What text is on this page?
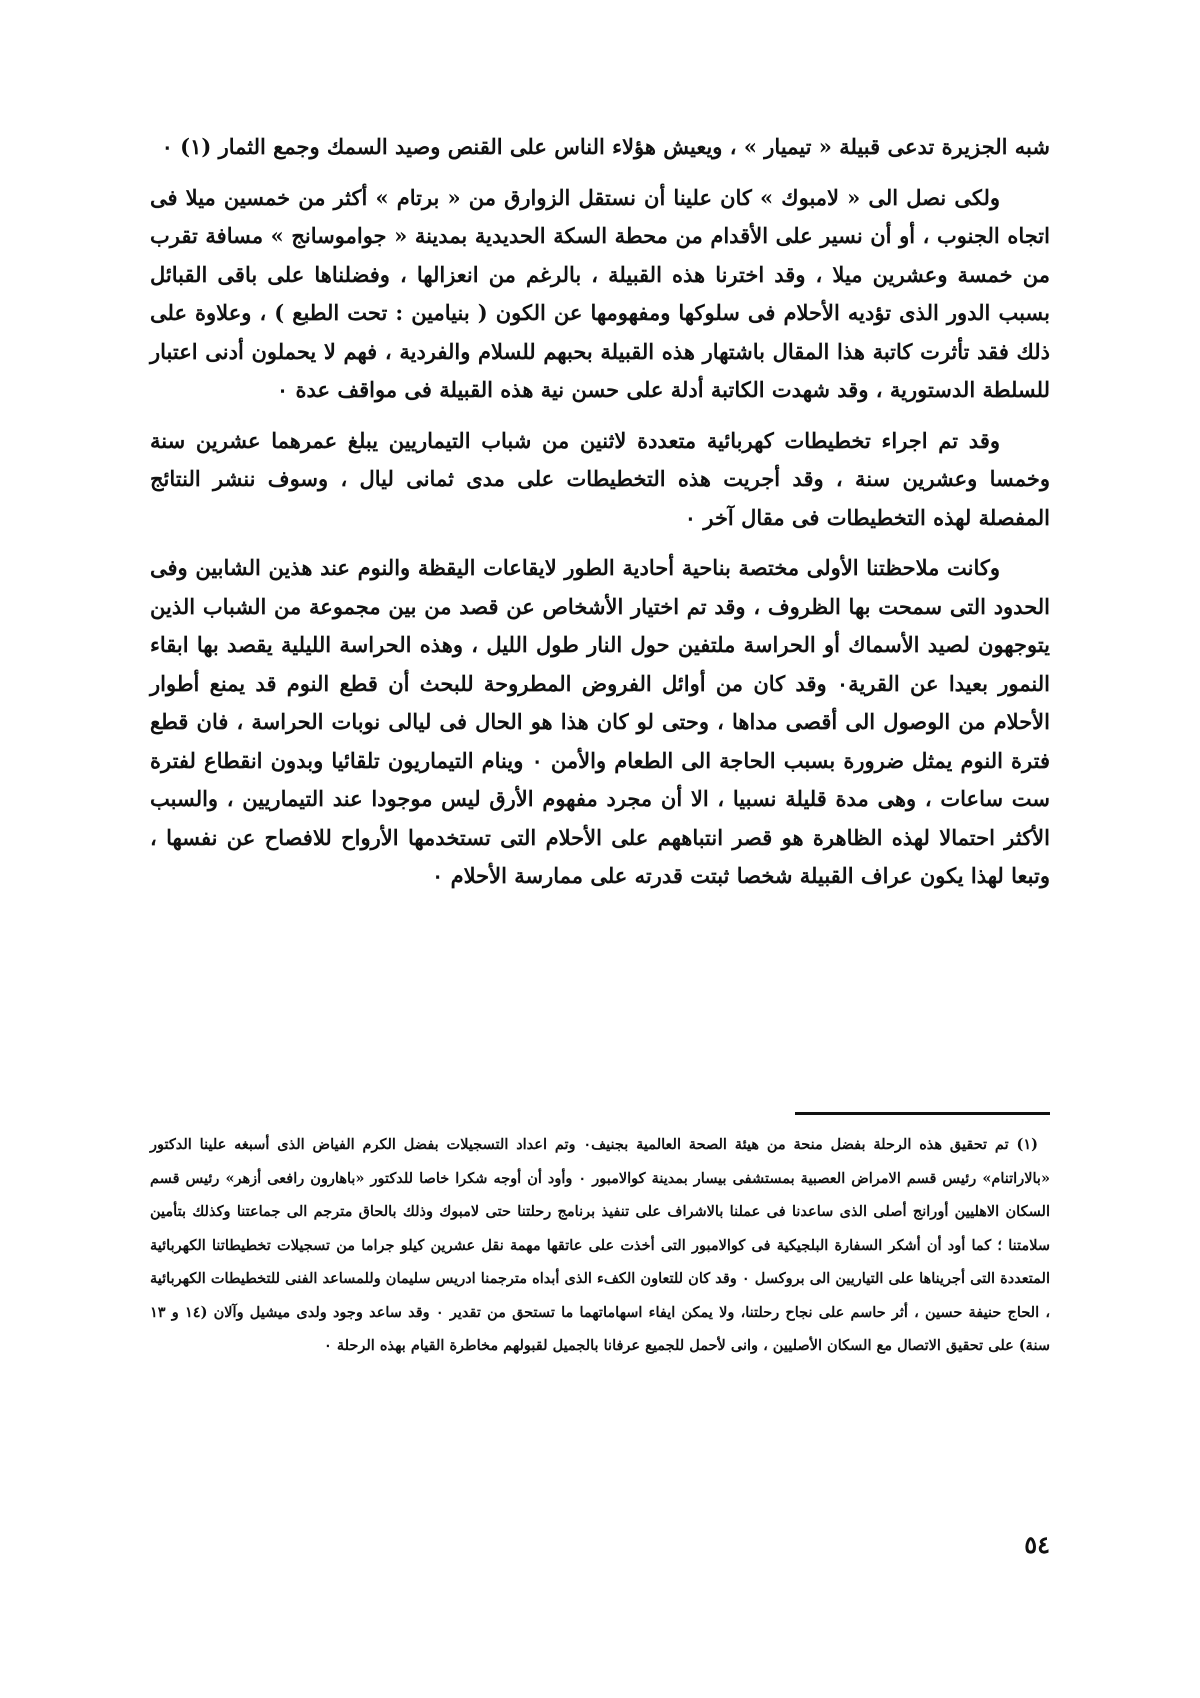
شبه الجزيرة تدعى قبيلة « تيميار » ، ويعيش هؤلاء الناس على القنص وصيد السمك وجمع الثمار (١) ٠

ولكى نصل الى « لامبوك » كان علينا أن نستقل الزوارق من « برتام » أكثر من خمسين ميلا فى اتجاه الجنوب ، أو أن نسير على الأقدام من محطة السكة الحديدية بمدينة « جواموسانج » مسافة تقرب من خمسة وعشرين ميلا ، وقد اخترنا هذه القبيلة ، بالرغم من انعزالها ، وفضلناها على باقى القبائل بسبب الدور الذى تؤديه الأحلام فى سلوكها ومفهومها عن الكون ( بنيامين : تحت الطبع ) ، وعلاوة على ذلك فقد تأثرت كاتبة هذا المقال باشتهار هذه القبيلة بحبهم للسلام والفردية ، فهم لا يحملون أدنى اعتبار للسلطة الدستورية ، وقد شهدت الكاتبة أدلة على حسن نية هذه القبيلة فى مواقف عدة ٠

وقد تم اجراء تخطيطات كهربائية متعددة لاثنين من شباب التيماريين يبلغ عمرهما عشرين سنة وخمسا وعشرين سنة ، وقد أجريت هذه التخطيطات على مدى ثمانى ليال ، وسوف ننشر النتائج المفصلة لهذه التخطيطات فى مقال آخر ٠

وكانت ملاحظتنا الأولى مختصة بناحية أحادية الطور لايقاعات اليقظة والنوم عند هذين الشابين وفى الحدود التى سمحت بها الظروف ، وقد تم اختيار الأشخاص عن قصد من بين مجموعة من الشباب الذين يتوجهون لصيد الأسماك أو الحراسة ملتفين حول النار طول الليل ، وهذه الحراسة الليلية يقصد بها ابقاء النمور بعيدا عن القرية٠ وقد كان من أوائل الفروض المطروحة للبحث أن قطع النوم قد يمنع أطوار الأحلام من الوصول الى أقصى مداها ، وحتى لو كان هذا هو الحال فى ليالى نوبات الحراسة ، فان قطع فترة النوم يمثل ضرورة بسبب الحاجة الى الطعام والأمن ٠ وينام التيماريون تلقائيا وبدون انقطاع لفترة ست ساعات ، وهى مدة قليلة نسبيا ، الا أن مجرد مفهوم الأرق ليس موجودا عند التيماريين ، والسبب الأكثر احتمالا لهذه الظاهرة هو قصر انتباههم على الأحلام التى تستخدمها الأرواح للافصاح عن نفسها ، وتبعا لهذا يكون عراف القبيلة شخصا ثبتت قدرته على ممارسة الأحلام ٠

(١) تم تحقيق هذه الرحلة بفضل منحة من هيئة الصحة العالمية بجنيف٠ وتم اعداد التسجيلات بفضل الكرم الفياض الذى أسبغه علينا الدكتور «بالاراتنام» رئيس قسم الامراض العصبية بمستشفى بيسار بمدينة كوالامبور ٠ وأود أن أوجه شكرا خاصا للدكتور «باهارون رافعى أزهر» رئيس قسم السكان الاهليين أورانج أصلى الذى ساعدنا فى عملنا بالاشراف على تنفيذ برنامج رحلتنا حتى لامبوك وذلك بالحاق مترجم الى جماعتنا وكذلك بتأمين سلامتنا ؛ كما أود أن أشكر السفارة البلجيكية فى كوالامبور التى أخذت على عاتقها مهمة نقل عشرين كيلو جراما من تسجيلات تخطيطاتنا الكهربائية المتعددة التى أجريناها على التياريين الى بروكسل ٠ وقد كان للتعاون الكفء الذى أبداه مترجمنا ادريس سليمان وللمساعد الفنى للتخطيطات الكهربائية ، الحاج حنيفة حسين ، أثر حاسم على نجاح رحلتنا، ولا يمكن ايفاء اسهاماتهما ما تستحق من تقدير ٠ وقد ساعد وجود ولدى ميشيل وآلان (١٤ و ١٣ سنة) على تحقيق الاتصال مع السكان الأصليين ، وانى لأحمل للجميع عرفانا بالجميل لقبولهم مخاطرة القيام بهذه الرحلة ٠

٥٤
